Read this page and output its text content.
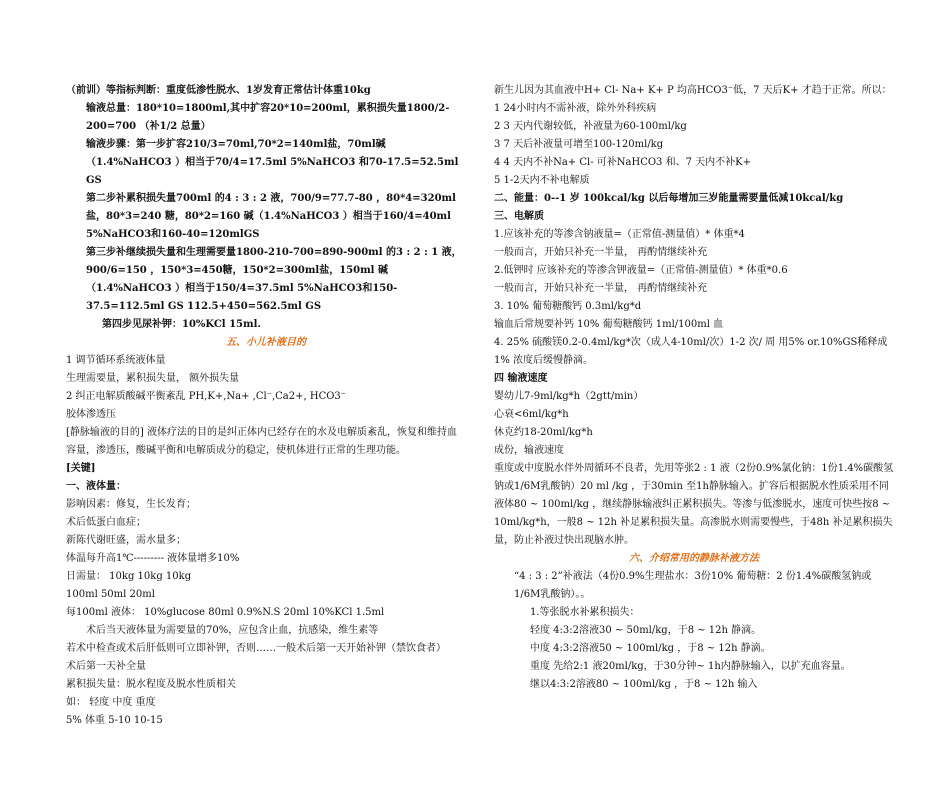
（前训）等指标判断：重度低渗性脱水、1岁发育正常估计体重10kg
输液总量：180*10=1800ml,其中扩容20*10=200ml，累积损失量1800/2-200=700 （补1/2 总量）
输液步骤：第一步扩容210/3=70ml,70*2=140ml盐，70ml碱（1.4%NaHCO3 ）相当于70/4=17.5ml 5%NaHCO3 和70-17.5=52.5ml GS
第二步补累积损失量700ml 的4 : 3 : 2 液，700/9=77.7-80 ，80*4=320ml盐，80*3=240 糖，80*2=160 碱（1.4%NaHCO3 ）相当于160/4=40ml 5%NaHCO3和160-40=120mlGS
第三步补继续损失量和生理需要量1800-210-700=890-900ml 的3 : 2 : 1 液，900/6=150 ，150*3=450糖，150*2=300ml盐，150ml 碱（1.4%NaHCO3 ）相当于150/4=37.5ml 5%NaHCO3和150-37.5=112.5ml GS 112.5+450=562.5ml GS
第四步见尿补钾：10%KCl 15ml.
五、小儿补液目的
1 调节循环系统液体量
生理需要量，累积损失量， 额外损失量
2 纠正电解质酸碱平衡紊乱 PH,K+,Na+ ,Cl⁻,Ca2+, HCO3⁻
胶体渗透压
[静脉输液的目的] 液体疗法的目的是纠正体内已经存在的水及电解质紊乱，恢复和维持血容量，渗透压，酸碱平衡和电解质成分的稳定，使机体进行正常的生理功能。
[关键]
一、液体量：
影响因素：修复，生长发育；
术后低蛋白血症；
新陈代谢旺盛，需水量多；
体温每升高1℃--------- 液体量增多10%
日需量： 10kg 10kg 10kg
100ml 50ml 20ml
每100ml 液体： 10%glucose 80ml 0.9%N.S 20ml 10%KCl 1.5ml
术后当天液体量为需要量的70%，应包含止血，抗感染，维生素等
若术中检查或术后肝低则可立即补钾，否则……一般术后第一天开始补钾（禁饮食者）
术后第一天补全量
累积损失量：脱水程度及脱水性质相关
如： 轻度 中度 重度
5% 体重 5-10 10-15
新生儿因为其血液中H+ Cl- Na+ K+ P 均高HCO3⁻低，7 天后K+ 才趋于正常。所以：
1 24小时内不需补液，除外外科疾病
2 3 天内代谢较低，补液量为60-100ml/kg
3 7 天后补液量可增至100-120ml/kg
4 4 天内不补Na+ Cl- 可补NaHCO3 和、7 天内不补K+
5 1-2天内不补电解质
二、能量：0--1 岁 100kcal/kg 以后每增加三岁能量需要量低减10kcal/kg
三、电解质
1.应该补充的等渗含钠液量=（正常值-测量值）* 体重*4
一般而言，开始只补充一半量， 再酌情继续补充
2.低钾时 应该补充的等渗含钾液量=（正常值-测量值）* 体重*0.6
一般而言，开始只补充一半量， 再酌情继续补充
3. 10% 葡萄糖酸钙 0.3ml/kg*d
输血后常规要补钙 10% 葡萄糖酸钙 1ml/100ml 血
4. 25% 硫酸镁0.2-0.4ml/kg*次（成人4-10ml/次）1-2 次/ 周 用5% or.10%GS稀释成1% 浓度后缓慢静滴。
四 输液速度
婴幼儿7-9ml/kg*h（2gtt/min）
心衰<6ml/kg*h
休克约18-20ml/kg*h
成份，输液速度
重度或中度脱水伴外周循环不良者，先用等张2 : 1 液（2份0.9%氯化钠：1份1.4%碳酸氢钠或1/6M乳酸钠）20 ml /kg ，于30min 至1h静脉输入。扩容后根据脱水性质采用不同液体80 ~ 100ml/kg ，继续静脉输液纠正累积损失。等渗与低渗脱水，速度可快些按8 ~ 10ml/kg*h，一般8 ~ 12h 补足累积损失量。高渗脱水则需要慢些，于48h 补足累积损失量，防止补液过快出现脑水肿。
六、介绍常用的静脉补液方法
“4 : 3 : 2”补液法（4份0.9%生理盐水：3份10% 葡萄糖：2 份1.4%碳酸氢钠或1/6M乳酸钠）。。
1.等张脱水补累积损失：
轻度 4:3:2溶液30 ~ 50ml/kg，于8 ~ 12h 静滴。
中度 4:3:2溶液50 ~ 100ml/kg ，于8 ~ 12h 静滴。
重度 先给2:1 液20ml/kg，于30分钟~ 1h内静脉输入，以扩充血容量。
继以4:3:2溶液80 ~ 100ml/kg ，于8 ~ 12h 输入
